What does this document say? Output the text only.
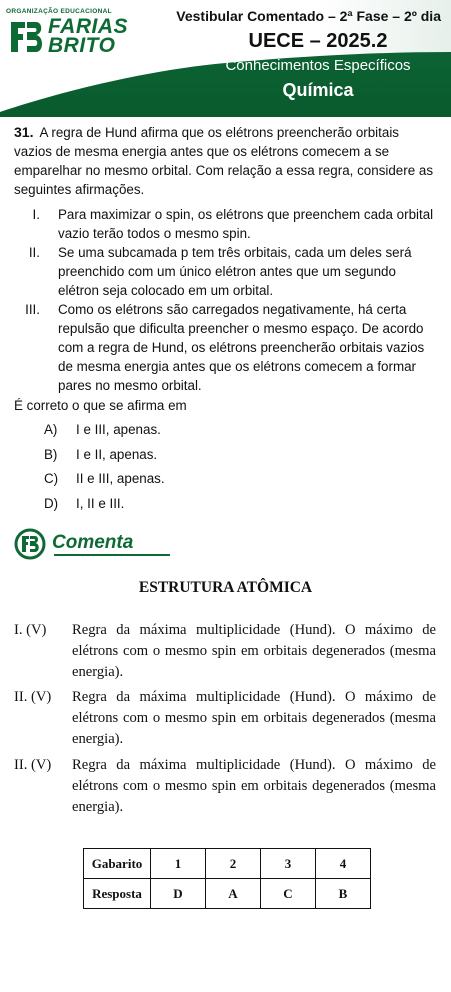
ORGANIZAÇÃO EDUCACIONAL
FARIAS
BRITO
Vestibular Comentado – 2ª Fase – 2º dia
UECE – 2025.2
Conhecimentos Específicos
Química
31. A regra de Hund afirma que os elétrons preencherão orbitais vazios de mesma energia antes que os elétrons comecem a se emparelhar no mesmo orbital. Com relação a essa regra, considere as seguintes afirmações.
I. Para maximizar o spin, os elétrons que preenchem cada orbital vazio terão todos o mesmo spin.
II. Se uma subcamada p tem três orbitais, cada um deles será preenchido com um único elétron antes que um segundo elétron seja colocado em um orbital.
III. Como os elétrons são carregados negativamente, há certa repulsão que dificulta preencher o mesmo espaço. De acordo com a regra de Hund, os elétrons preencherão orbitais vazios de mesma energia antes que os elétrons comecem a formar pares no mesmo orbital.
É correto o que se afirma em
A) I e III, apenas.
B) I e II, apenas.
C) II e III, apenas.
D) I, II e III.
Comenta
ESTRUTURA ATÔMICA
I. (V) Regra da máxima multiplicidade (Hund). O máximo de elétrons com o mesmo spin em orbitais degenerados (mesma energia).
II. (V) Regra da máxima multiplicidade (Hund). O máximo de elétrons com o mesmo spin em orbitais degenerados (mesma energia).
II. (V) Regra da máxima multiplicidade (Hund). O máximo de elétrons com o mesmo spin em orbitais degenerados (mesma energia).
Gabarito	1	2	3	4
Resposta	D	A	C	B
